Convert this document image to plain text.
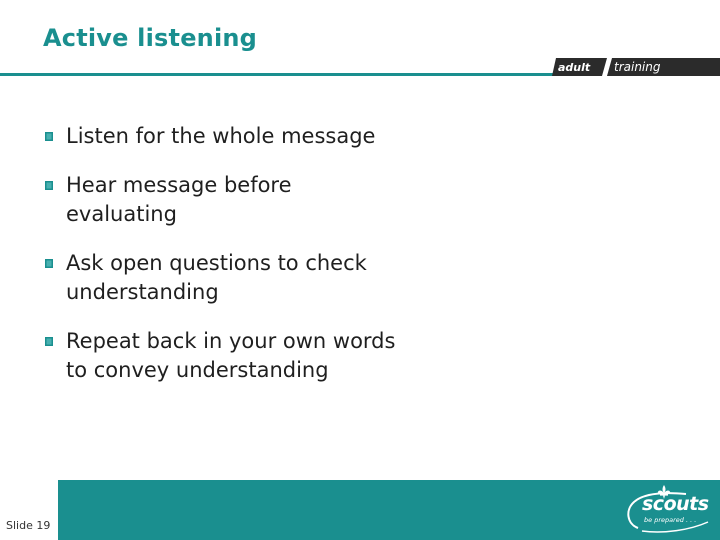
Active listening
adult training
Listen for the whole message
Hear message before
evaluating
Ask open questions to check
understanding
Repeat back in your own words
to convey understanding
Slide 19
scouts
be prepared . . .
